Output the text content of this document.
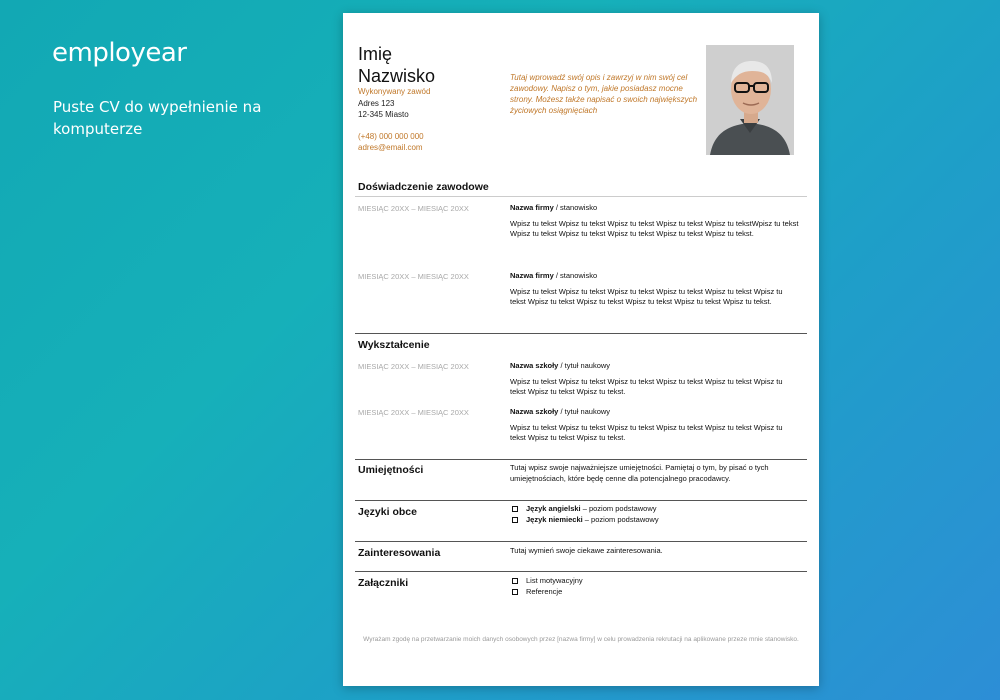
employear
Puste CV do wypełnienie na komputerze
Imię
Nazwisko
Wykonywany zawód
Adres 123
12-345 Miasto
(+48) 000 000 000
adres@email.com
Tutaj wprowadź swój opis i zawrzyj w nim swój cel zawodowy. Napisz o tym, jakie posiadasz mocne strony. Możesz także napisać o swoich największych życiowych osiągnięciach
Doświadczenie zawodowe
MIESIĄC 20XX – MIESIĄC 20XX	Nazwa firmy / stanowisko
Wpisz tu tekst Wpisz tu tekst Wpisz tu tekst Wpisz tu tekst Wpisz tu tekstWpisz tu tekst Wpisz tu tekst Wpisz tu tekst Wpisz tu tekst Wpisz tu tekst Wpisz tu tekst.
MIESIĄC 20XX – MIESIĄC 20XX	Nazwa firmy / stanowisko
Wpisz tu tekst Wpisz tu tekst Wpisz tu tekst Wpisz tu tekst Wpisz tu tekst Wpisz tu tekst Wpisz tu tekst Wpisz tu tekst Wpisz tu tekst Wpisz tu tekst Wpisz tu tekst.
Wykształcenie
MIESIĄC 20XX – MIESIĄC 20XX	Nazwa szkoły / tytuł naukowy
Wpisz tu tekst Wpisz tu tekst Wpisz tu tekst Wpisz tu tekst Wpisz tu tekst Wpisz tu tekst Wpisz tu tekst Wpisz tu tekst.
MIESIĄC 20XX – MIESIĄC 20XX	Nazwa szkoły / tytuł naukowy
Wpisz tu tekst Wpisz tu tekst Wpisz tu tekst Wpisz tu tekst Wpisz tu tekst Wpisz tu tekst Wpisz tu tekst Wpisz tu tekst.
Umiejętności	Tutaj wpisz swoje najważniejsze umiejętności. Pamiętaj o tym, by pisać o tych umiejętnościach, które będę cenne dla potencjalnego pracodawcy.
Języki obce	Język angielski – poziom podstawowy
Język niemiecki – poziom podstawowy
Zainteresowania	Tutaj wymień swoje ciekawe zainteresowania.
Załączniki	List motywacyjny
Referencje
Wyrażam zgodę na przetwarzanie moich danych osobowych przez [nazwa firmy] w celu prowadzenia rekrutacji na aplikowane przeze mnie stanowisko.
